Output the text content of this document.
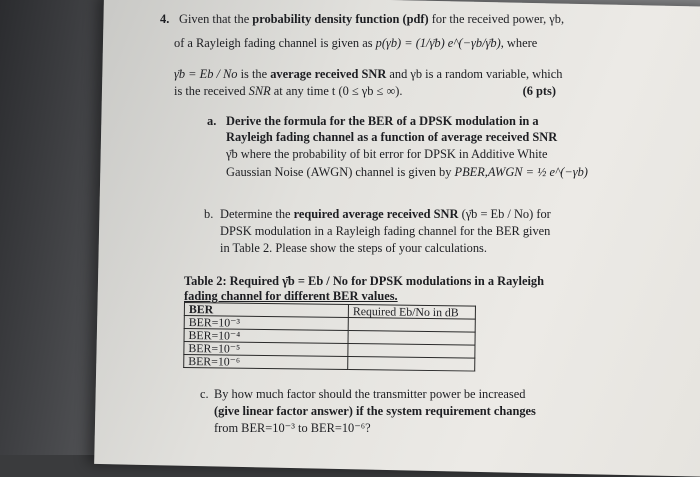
4. Given that the probability density function (pdf) for the received power, γb,
of a Rayleigh fading channel is given as p(γb) = (1/γ̄b) e^(−γb/γ̄b), where
γ̄b = Eb / No is the average received SNR and γb is a random variable, which
is the received SNR at any time t (0 ≤ γb ≤ ∞).	(6 pts)
a. Derive the formula for the BER of a DPSK modulation in a
Rayleigh fading channel as a function of average received SNR
γ̄b where the probability of bit error for DPSK in Additive White
Gaussian Noise (AWGN) channel is given by PBER,AWGN = ½ e^(−γb)
b. Determine the required average received SNR (γ̄b = Eb / No) for
DPSK modulation in a Rayleigh fading channel for the BER given
in Table 2. Please show the steps of your calculations.
Table 2: Required γ̄b = Eb / No for DPSK modulations in a Rayleigh
fading channel for different BER values.
BER	Required Eb/No in dB
BER=10⁻³	
BER=10⁻⁴	
BER=10⁻⁵	
BER=10⁻⁶	
c. By how much factor should the transmitter power be increased
(give linear factor answer) if the system requirement changes
from BER=10⁻³ to BER=10⁻⁶?
